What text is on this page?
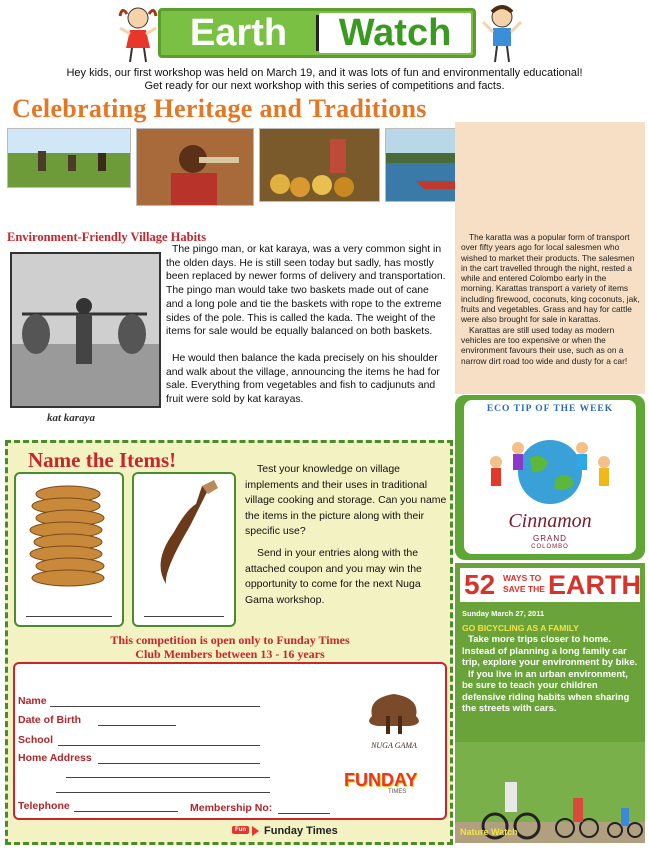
Earth	Watch
Hey kids, our first workshop was held on March 19, and it was lots of fun and environmentally educational!
Get ready for our next workshop with this series of competitions and facts.
Celebrating Heritage and Traditions
Environment-Friendly Village Habits
kat karaya
The pingo man, or kat karaya, was a very common sight in the olden days. He is still seen today but sadly, has mostly been replaced by newer forms of delivery and transportation. The pingo man would take two baskets made out of cane and a long pole and tie the baskets with rope to the extreme sides of the pole. This is called the kada. The weight of the items for sale would be equally balanced on both baskets.
He would then balance the kada precisely on his shoulder and walk about the village, announcing the items he had for sale. Everything from vegetables and fish to cadjunuts and fruit were sold by kat karayas.
The karatta was a popular form of transport over fifty years ago for local salesmen who wished to market their products. The salesmen in the cart travelled through the night, rested a while and entered Colombo early in the morning. Karattas transport a variety of items including firewood, coconuts, king coconuts, jak, fruits and vegetables. Grass and hay for cattle were also brought for sale in karattas.
Karattas are still used today as modern vehicles are too expensive or when the environment favours their use, such as on a narrow dirt road too wide and dusty for a car!
ECO TIP OF THE WEEK
Cinnamon
GRAND
COLOMBO
52 WAYS TO
SAVE THE EARTH
Sunday March 27, 2011
GO BICYCLING AS A FAMILY
Take more trips closer to home. Instead of planning a long family car trip, explore your environment by bike.
If you live in an urban environment, be sure to teach your children defensive riding habits when sharing the streets with cars.
Nature Watch
Name the Items!	Test your knowledge on village implements and their uses in traditional village cooking and storage. Can you name the items in the picture along with their specific use?
Send in your entries along with the attached coupon and you may win the opportunity to come for the next Nuga Gama workshop.
This competition is open only to Funday Times
Club Members between 13 - 16 years
Name
Date of Birth
School
Home Address
Telephone	Membership No:
NUGA GAMA
FUNDAY
TIMES
Fun Funday Times
